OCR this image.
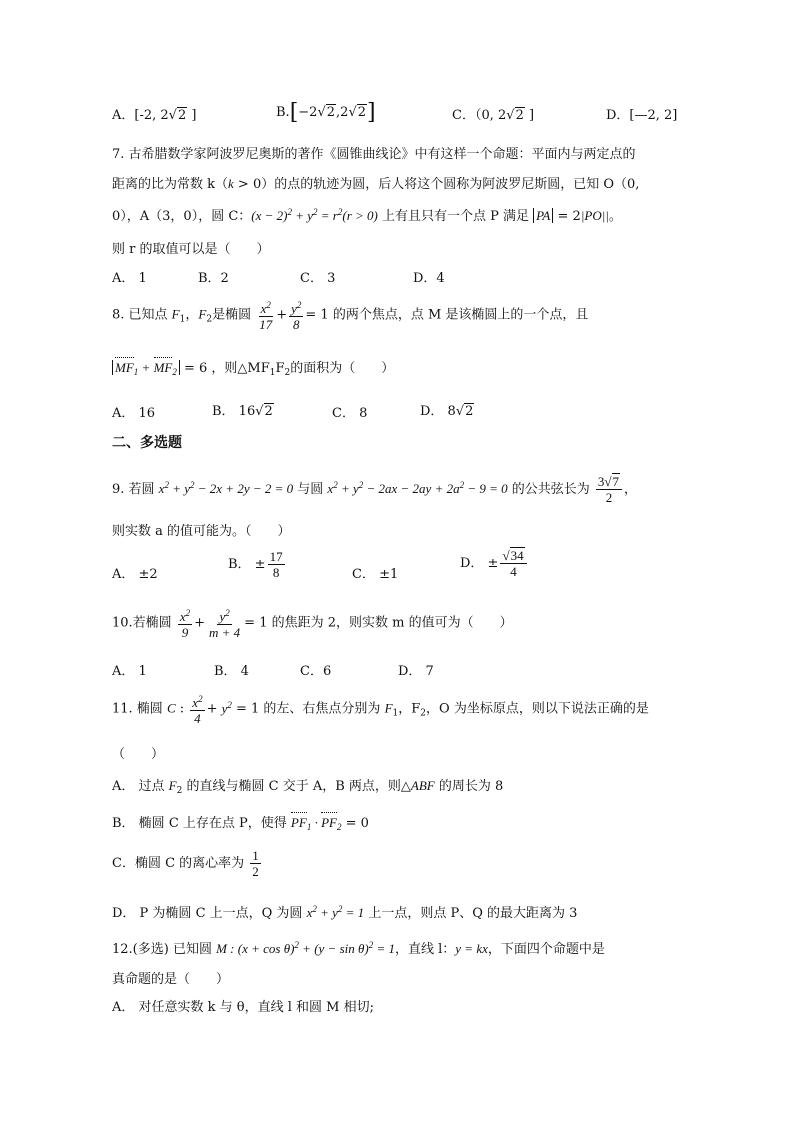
A．[-2, 2√2 ]	B.[−2√2,2√2]	C．（0, 2√2 ]	D．[—2, 2]
7. 古希腊数学家阿波罗尼奥斯的著作《圆锥曲线论》中有这样一个命题：平面内与两定点的
距离的比为常数 k（k > 0）的点的轨迹为圆，后人将这个圆称为阿波罗尼斯圆，已知 O（0,
0），A（3，0），圆 C：$(x - 2)^2 + y^2 = r^2(r > 0)$ 上有且只有一个点 P 满足 PA = 2|PO||。
则 r 的取值可以是（　　）
A． 1	B．2	C． 3	D．4
8. 已知点 $F_1$，$F_2$是椭圆 $\frac{x^2}{17} + \frac{y^2}{8} = 1$ 的两个焦点，点 M 是该椭圆上的一个点，且
$MF_1 + MF_2 = 6$ ，则$\triangle MF_1F_2$的面积为（　　）
A． 16	B． 16√2	C． 8	D． 8√2
二、多选题
9. 若圆 $x^2 + y^2 - 2x + 2y - 2 = 0$ 与圆 $x^2 + y^2 - 2ax - 2ay + 2a^2 - 9 = 0$ 的公共弦长为 $\frac{3√7}{2}$ ，
则实数 a 的值可能为。（　　）
A． ±2
B． ± $\frac{17}{8}$	C． ±1
D． ± $\frac{√34}{4}$
10.若椭圆 $\frac{x^2}{9} + \frac{y^2}{m + 4} = 1$ 的焦距为 2，则实数 m 的值可为（　　）
A． 1	B． 4	C．6	D． 7
11. 椭圆 C : $\frac{x^2}{4} + y^2 = 1$ 的左、右焦点分别为 $F_1$，$F_2$，O 为坐标原点，则以下说法正确的是
（　　）
A． 过点 $F_2$ 的直线与椭圆 C 交于 A，B 两点，则△ABF 的周长为 8
B． 椭圆 C 上存在点 P，使得 $PF_1 \cdot PF_2 = 0$
C．椭圆 C 的离心率为 $\frac{1}{2}$
D． P 为椭圆 C 上一点，Q 为圆 $x^2 + y^2 = 1$ 上一点，则点 P、Q 的最大距离为 3
12.(多选) 已知圆 M : $(x + \cos \theta)^2 + (y - \sin \theta)^2 = 1$，直线 l：y = kx，下面四个命题中是
真命题的是（　　）
A． 对任意实数 k 与 θ，直线 l 和圆 M 相切;
